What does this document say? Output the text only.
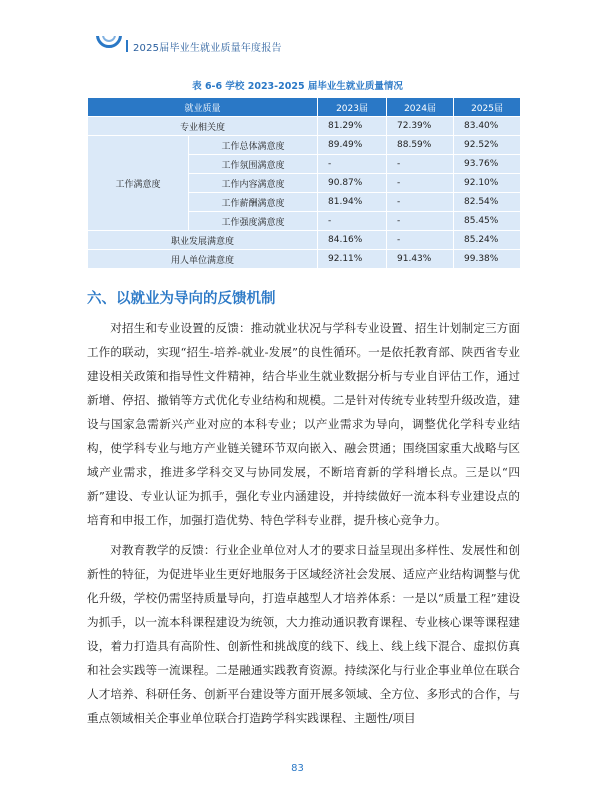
2025届毕业生就业质量年度报告
表 6-6 学校 2023-2025 届毕业生就业质量情况
就业质量		2023届	2024届	2025届
专业相关度		81.29%	72.39%	83.40%
工作满意度	工作总体满意度	89.49%	88.59%	92.52%
	工作氛围满意度	-	-	93.76%
	工作内容满意度	90.87%	-	92.10%
	工作薪酬满意度	81.94%	-	82.54%
	工作强度满意度	-	-	85.45%
职业发展满意度		84.16%	-	85.24%
用人单位满意度		92.11%	91.43%	99.38%
六、以就业为导向的反馈机制

对招生和专业设置的反馈：推动就业状况与学科专业设置、招生计划制定三方面工作的联动，实现“招生-培养-就业-发展”的良性循环。一是依托教育部、陕西省专业建设相关政策和指导性文件精神，结合毕业生就业数据分析与专业自评估工作，通过新增、停招、撤销等方式优化专业结构和规模。二是针对传统专业转型升级改造，建设与国家急需新兴产业对应的本科专业；以产业需求为导向，调整优化学科专业结构，使学科专业与地方产业链关键环节双向嵌入、融会贯通；围绕国家重大战略与区域产业需求，推进多学科交叉与协同发展，不断培育新的学科增长点。三是以“四新”建设、专业认证为抓手，强化专业内涵建设，并持续做好一流本科专业建设点的培育和申报工作，加强打造优势、特色学科专业群，提升核心竞争力。

对教育教学的反馈：行业企业单位对人才的要求日益呈现出多样性、发展性和创新性的特征，为促进毕业生更好地服务于区域经济社会发展、适应产业结构调整与优化升级，学校仍需坚持质量导向，打造卓越型人才培养体系：一是以“质量工程”建设为抓手，以一流本科课程建设为统领，大力推动通识教育课程、专业核心课等课程建设，着力打造具有高阶性、创新性和挑战度的线下、线上、线上线下混合、虚拟仿真和社会实践等一流课程。二是融通实践教育资源。持续深化与行业企事业单位在联合人才培养、科研任务、创新平台建设等方面开展多领域、全方位、多形式的合作，与重点领域相关企事业单位联合打造跨学科实践课程、主题性/项目

83
